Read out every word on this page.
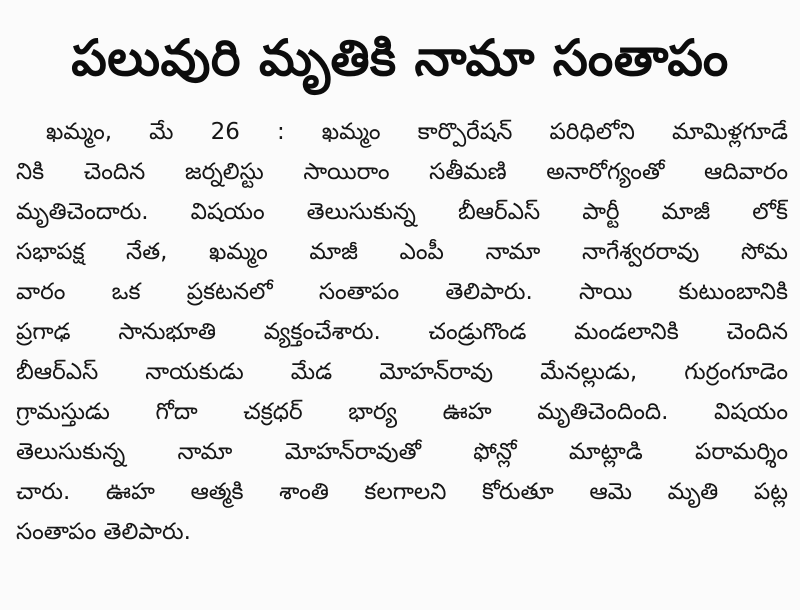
పలువురి మృతికి నామా సంతాపం
ఖమ్మం, మే 26 : ఖమ్మం కార్పొరేషన్ పరిధిలోని మామిళ్లగూడే
నికి చెందిన జర్నలిస్టు సాయిరాం సతీమణి అనారోగ్యంతో ఆదివారం
మృతిచెందారు. విషయం తెలుసుకున్న బీఆర్ఎస్ పార్టీ మాజీ లోక్
సభాపక్ష నేత, ఖమ్మం మాజీ ఎంపీ నామా నాగేశ్వరరావు సోమ
వారం ఒక ప్రకటనలో సంతాపం తెలిపారు. సాయి కుటుంబానికి
ప్రగాఢ సానుభూతి వ్యక్తంచేశారు. చండ్రుగొండ మండలానికి చెందిన
బీఆర్ఎస్ నాయకుడు మేడ మోహన్‌రావు మేనల్లుడు, గుర్రంగూడెం
గ్రామస్తుడు గోదా చక్రధర్ భార్య ఊహ మృతిచెందింది. విషయం
తెలుసుకున్న నామా మోహన్‌రావుతో ఫోన్లో మాట్లాడి పరామర్శిం
చారు. ఊహ ఆత్మకి శాంతి కలగాలని కోరుతూ ఆమె మృతి పట్ల
సంతాపం తెలిపారు.
